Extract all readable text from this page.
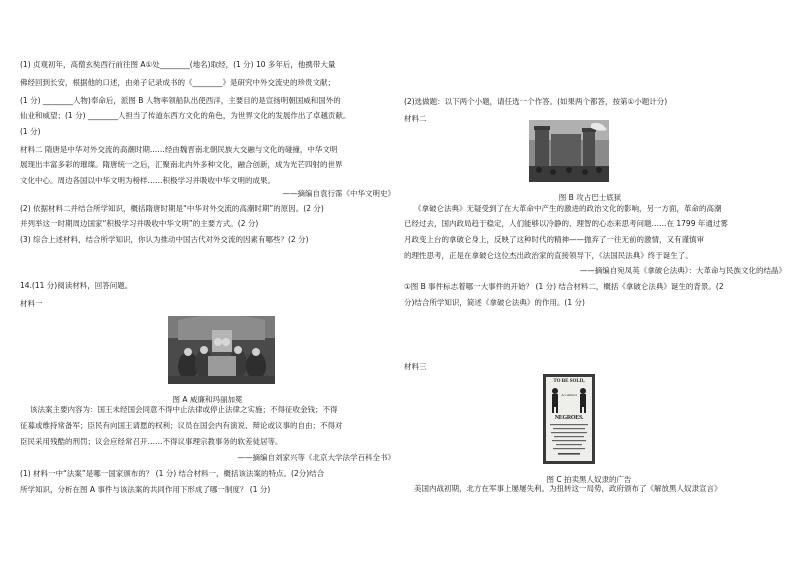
(1) 贞观初年，高僧玄奘西行前往图 A①处________(地名)取经，(1 分) 10 多年后，他携带大量

佛经回到长安，根据他的口述，由弟子记录成书的《________》是研究中外交流史的珍贵文献；

(1 分) ________人物)奉命后，派图 B 人物率领船队出使西洋，主要目的是宣扬明朝国威和国外的

仙业和威望；(1 分) ________人担当了传道东西方文化的角色，为世界文化的发展作出了卓越贡献。

(1 分)

材料二 隋唐是中华对外交流的高潮时期……经由魏晋南北朝民族大交融与文化的碰撞，中华文明

展现出丰富多彩的璀璨。隋唐统一之后，汇聚南北内外多种文化，融合创新，成为光芒四射的世界

文化中心。周边各国以中华文明为榜样……积极学习并吸收中华文明的成果。

——摘编自袁行霈《中华文明史》

(2) 依据材料二并结合所学知识，概括隋唐时期是“中华对外交流的高潮时期”的原因。(2 分)

并列举这一时期周边国家“积极学习并吸收中华文明”的主要方式。(2 分)

(3) 综合上述材料，结合所学知识，你认为推动中国古代对外交流的因素有哪些？(2 分)

14.(11 分)阅读材料，回答问题。

材料一

图 A 威廉和玛丽加冕

该法案主要内容为：国王未经国会同意不得中止法律或停止法律之实施；不得征收金钱；不得

征募或维持常备军；臣民有向国王请愿的权利；议员在国会内有演说、辩论或议事的自由；不得对

臣民采用残酷的刑罚；议会应经常召开……不得议事理宗教事务的软差徒居等。

——摘编自刘家兴等《北京大学法学百科全书》

(1) 材料一中“法案”是哪一国家颁布的？ (1 分) 结合材料一，概括该法案的特点。(2分)结合

所学知识，分析在图 A 事件与该法案的共同作用下形成了哪一制度？ (1 分)

(2)选做题：以下两个小题，请任选一个作答。(如果两个都答，按第①小题计分)

材料二

图 B 攻占巴士底狱

《拿破仑法典》无疑受到了在大革命中产生的激进的政治文化的影响，另一方面，革命的高潮

已经过去，国内政局趋于稳定，人们能够以冷静的、理智的心态来思考问题……在 1799 年通过雾

月政变上台的拿破仑身上，反映了这种时代的精神——抛弃了一往无前的激情，又有谨慎审

的理性思考，正是在拿破仑这位杰出政治家的直接领导下，《法国民法典》终于诞生了。

——摘编自宛凤英《拿破仑法典》：大革命与民族文化的结晶》

①图 B 事件标志着哪一大事件的开始？ (1 分) 结合材料二，概括《拿破仑法典》诞生的背景。(2

分)结合所学知识，简述《拿破仑法典》的作用。(1 分)

材料三

TO BE SOLD,
A CARGO
NEGROES.

图 C 拍卖黑人奴隶的广告

美国内战初期，北方在军事上屡屡失利。为扭转这一局势，政府颁布了《解放黑人奴隶宣言》
